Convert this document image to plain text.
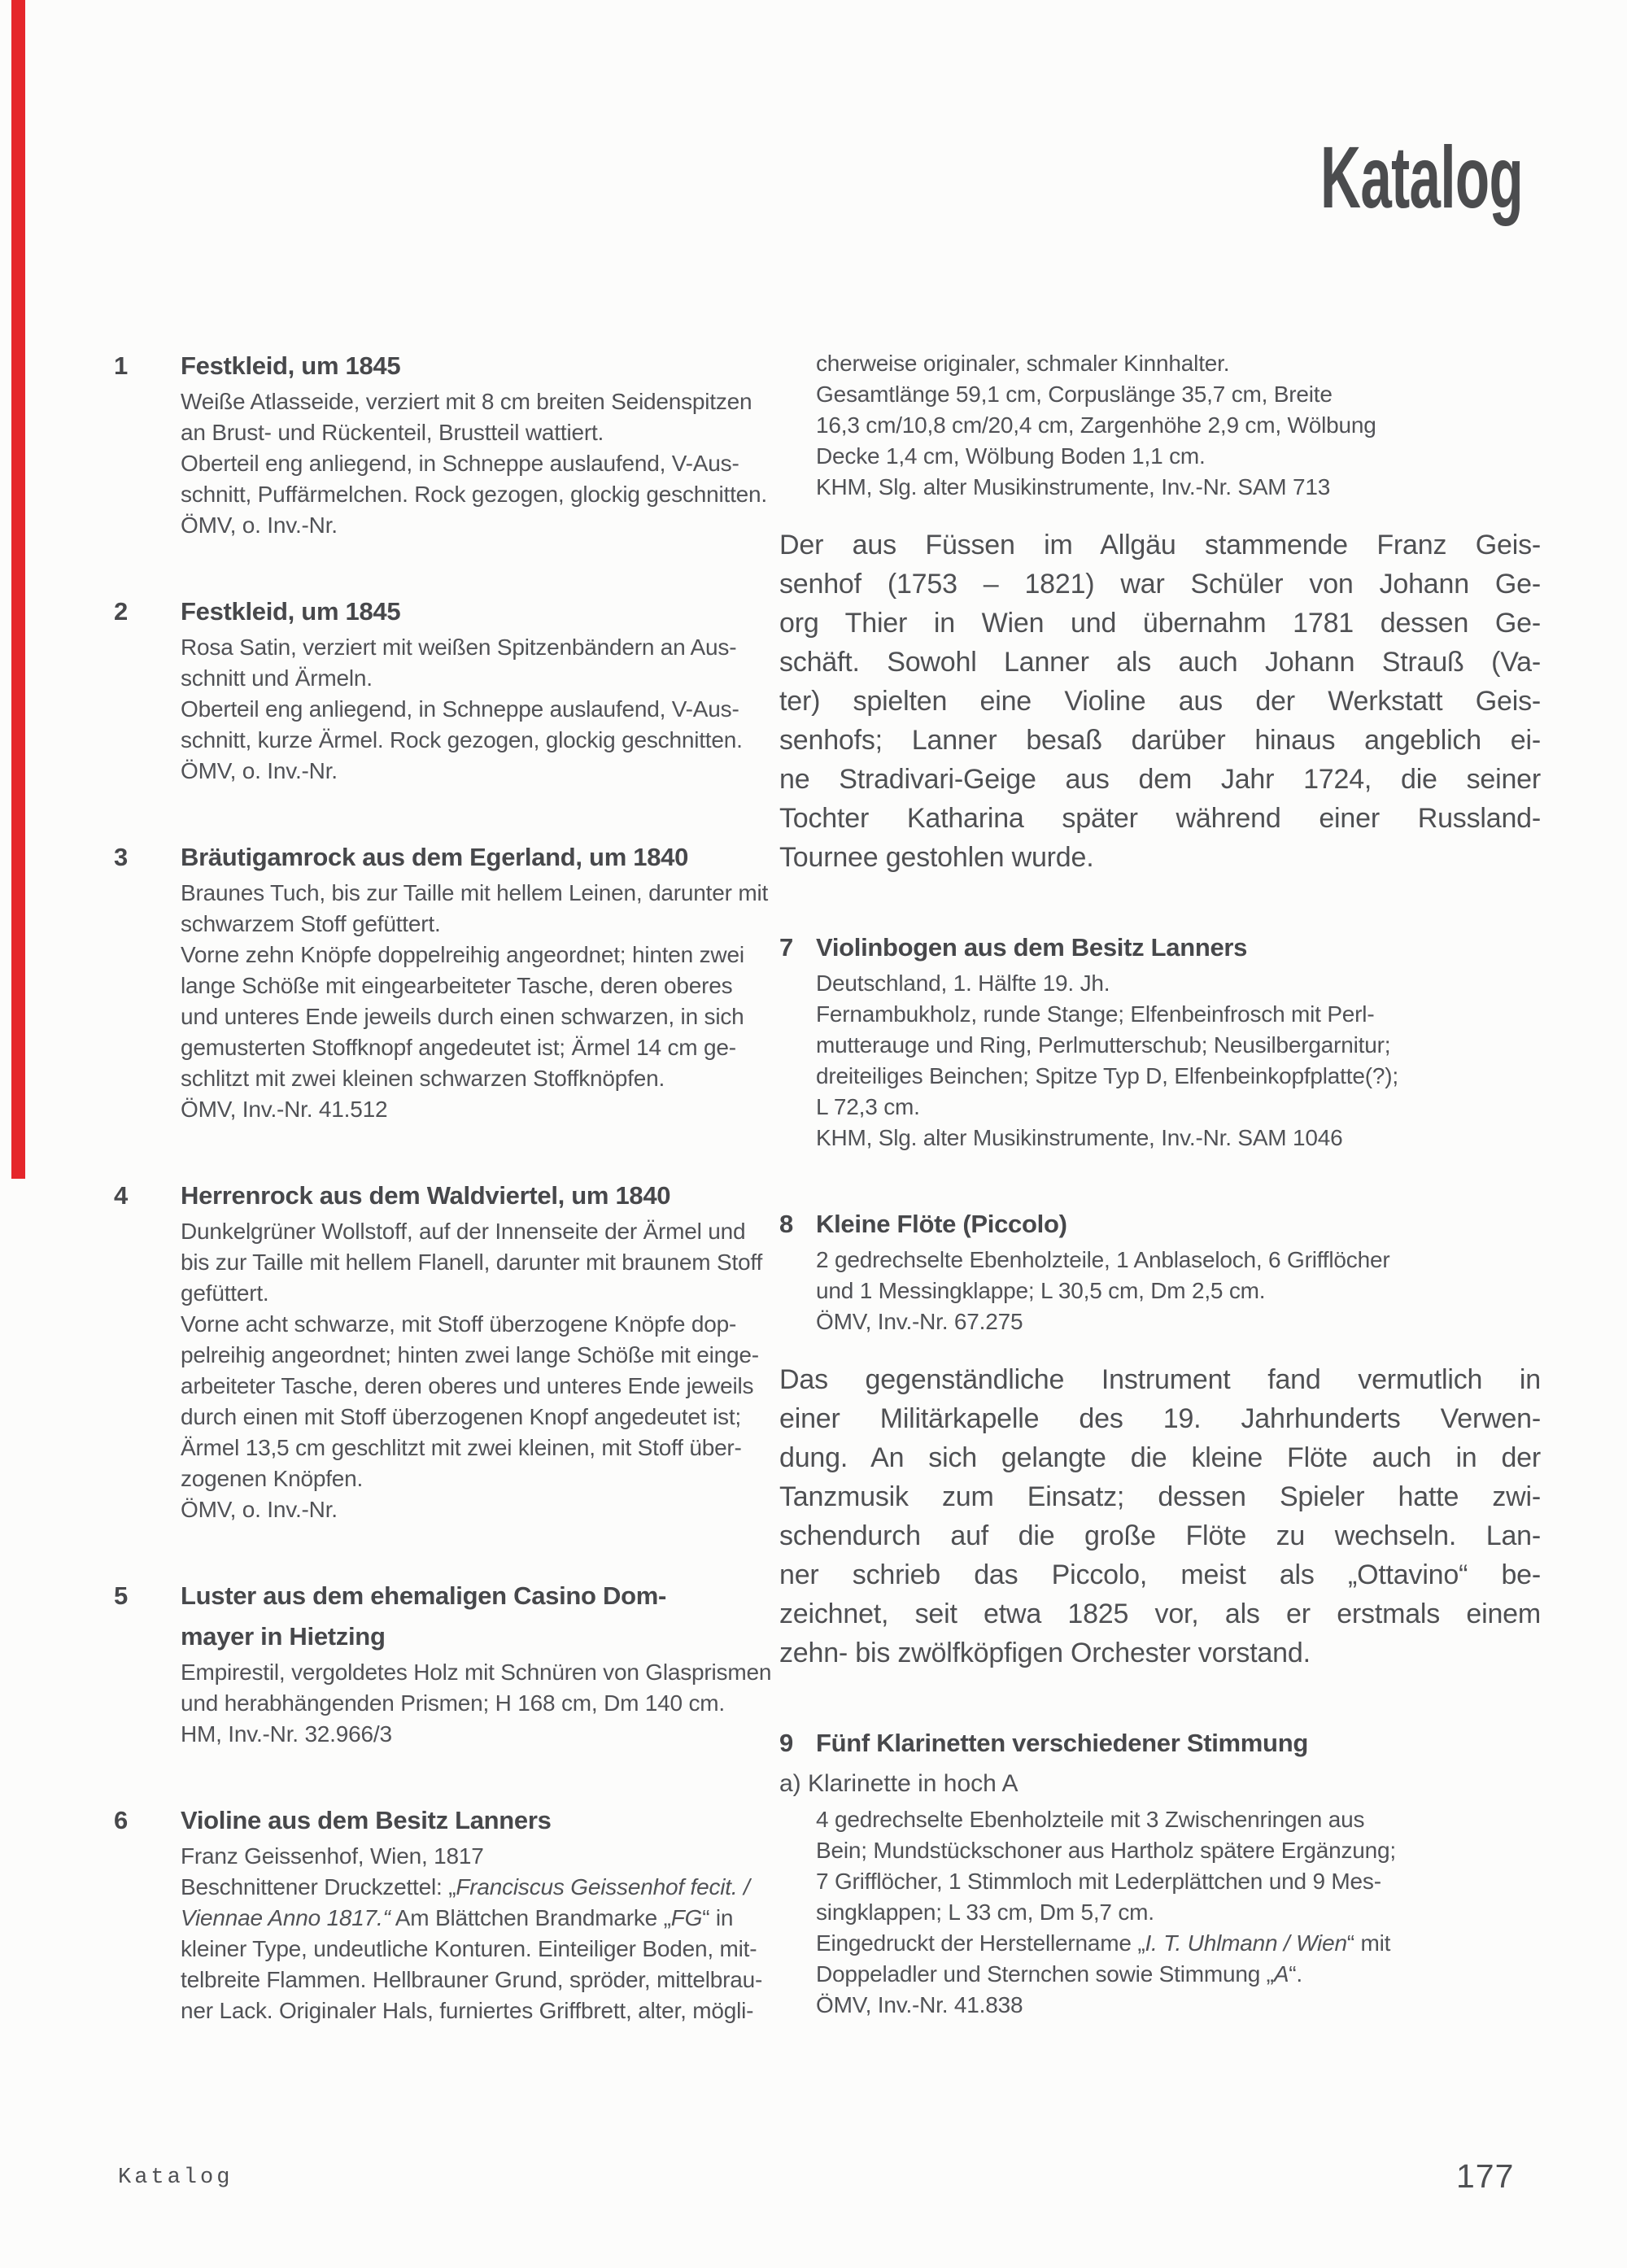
Katalog
1 Festkleid, um 1845
Weiße Atlasseide, verziert mit 8 cm breiten Seidenspitzen
an Brust- und Rückenteil, Brustteil wattiert.
Oberteil eng anliegend, in Schneppe auslaufend, V-Aus-
schnitt, Puffärmelchen. Rock gezogen, glockig geschnitten.
ÖMV, o. Inv.-Nr.
2 Festkleid, um 1845
Rosa Satin, verziert mit weißen Spitzenbändern an Aus-
schnitt und Ärmeln.
Oberteil eng anliegend, in Schneppe auslaufend, V-Aus-
schnitt, kurze Ärmel. Rock gezogen, glockig geschnitten.
ÖMV, o. Inv.-Nr.
3 Bräutigamrock aus dem Egerland, um 1840
Braunes Tuch, bis zur Taille mit hellem Leinen, darunter mit
schwarzem Stoff gefüttert.
Vorne zehn Knöpfe doppelreihig angeordnet; hinten zwei
lange Schöße mit eingearbeiteter Tasche, deren oberes
und unteres Ende jeweils durch einen schwarzen, in sich
gemusterten Stoffknopf angedeutet ist; Ärmel 14 cm ge-
schlitzt mit zwei kleinen schwarzen Stoffknöpfen.
ÖMV, Inv.-Nr. 41.512
4 Herrenrock aus dem Waldviertel, um 1840
Dunkelgrüner Wollstoff, auf der Innenseite der Ärmel und
bis zur Taille mit hellem Flanell, darunter mit braunem Stoff
gefüttert.
Vorne acht schwarze, mit Stoff überzogene Knöpfe dop-
pelreihig angeordnet; hinten zwei lange Schöße mit einge-
arbeiteter Tasche, deren oberes und unteres Ende jeweils
durch einen mit Stoff überzogenen Knopf angedeutet ist;
Ärmel 13,5 cm geschlitzt mit zwei kleinen, mit Stoff über-
zogenen Knöpfen.
ÖMV, o. Inv.-Nr.
5 Luster aus dem ehemaligen Casino Dom-
mayer in Hietzing
Empirestil, vergoldetes Holz mit Schnüren von Glasprismen
und herabhängenden Prismen; H 168 cm, Dm 140 cm.
HM, Inv.-Nr. 32.966/3
6 Violine aus dem Besitz Lanners
Franz Geissenhof, Wien, 1817
Beschnittener Druckzettel: „Franciscus Geissenhof fecit. /
Viennae Anno 1817.“ Am Blättchen Brandmarke „FG“ in
kleiner Type, undeutliche Konturen. Einteiliger Boden, mit-
telbreite Flammen. Hellbrauner Grund, spröder, mittelbrau-
ner Lack. Originaler Hals, furniertes Griffbrett, alter, mögli-
cherweise originaler, schmaler Kinnhalter.
Gesamtlänge 59,1 cm, Corpuslänge 35,7 cm, Breite
16,3 cm/10,8 cm/20,4 cm, Zargenhöhe 2,9 cm, Wölbung
Decke 1,4 cm, Wölbung Boden 1,1 cm.
KHM, Slg. alter Musikinstrumente, Inv.-Nr. SAM 713
Der aus Füssen im Allgäu stammende Franz Geis-
senhof (1753 – 1821) war Schüler von Johann Ge-
org Thier in Wien und übernahm 1781 dessen Ge-
schäft. Sowohl Lanner als auch Johann Strauß (Va-
ter) spielten eine Violine aus der Werkstatt Geis-
senhofs; Lanner besaß darüber hinaus angeblich ei-
ne Stradivari-Geige aus dem Jahr 1724, die seiner
Tochter Katharina später während einer Russland-
Tournee gestohlen wurde.
7 Violinbogen aus dem Besitz Lanners
Deutschland, 1. Hälfte 19. Jh.
Fernambukholz, runde Stange; Elfenbeinfrosch mit Perl-
mutterauge und Ring, Perlmutterschub; Neusilbergarnitur;
dreiteiliges Beinchen; Spitze Typ D, Elfenbeinkopfplatte(?);
L 72,3 cm.
KHM, Slg. alter Musikinstrumente, Inv.-Nr. SAM 1046
8 Kleine Flöte (Piccolo)
2 gedrechselte Ebenholzteile, 1 Anblaseloch, 6 Grifflöcher
und 1 Messingklappe; L 30,5 cm, Dm 2,5 cm.
ÖMV, Inv.-Nr. 67.275
Das gegenständliche Instrument fand vermutlich in
einer Militärkapelle des 19. Jahrhunderts Verwen-
dung. An sich gelangte die kleine Flöte auch in der
Tanzmusik zum Einsatz; dessen Spieler hatte zwi-
schendurch auf die große Flöte zu wechseln. Lan-
ner schrieb das Piccolo, meist als „Ottavino“ be-
zeichnet, seit etwa 1825 vor, als er erstmals einem
zehn- bis zwölfköpfigen Orchester vorstand.
9 Fünf Klarinetten verschiedener Stimmung
a) Klarinette in hoch A
4 gedrechselte Ebenholzteile mit 3 Zwischenringen aus
Bein; Mundstückschoner aus Hartholz spätere Ergänzung;
7 Grifflöcher, 1 Stimmloch mit Lederplättchen und 9 Mes-
singklappen; L 33 cm, Dm 5,7 cm.
Eingedruckt der Herstellername „I. T. Uhlmann / Wien“ mit
Doppeladler und Sternchen sowie Stimmung „A“.
ÖMV, Inv.-Nr. 41.838
Katalog	177
